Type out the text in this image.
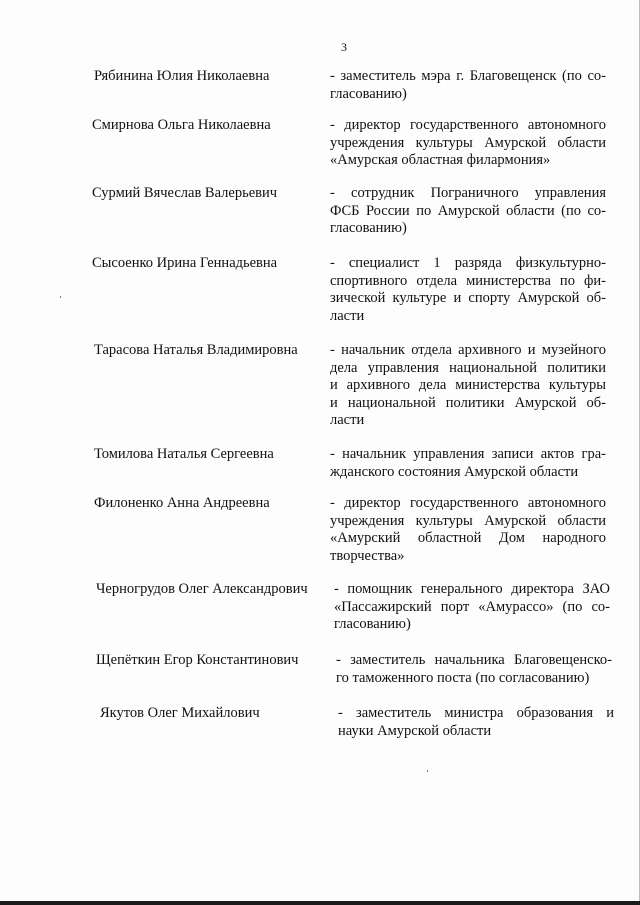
3
Рябинина Юлия Николаевна	- заместитель мэра г. Благовещенск (по со-
гласованию)
Смирнова Ольга Николаевна	- директор государственного автономного
учреждения культуры Амурской области
«Амурская областная филармония»
Сурмий Вячеслав Валерьевич	- сотрудник Пограничного управления
ФСБ России по Амурской области (по со-
гласованию)
Сысоенко Ирина Геннадьевна	- специалист 1 разряда физкультурно-
спортивного отдела министерства по фи-
зической культуре и спорту Амурской об-
ласти
Тарасова Наталья Владимировна - начальник отдела архивного и музейного
дела управления национальной политики
и архивного дела министерства культуры
и национальной политики Амурской об-
ласти
Томилова Наталья Сергеевна	- начальник управления записи актов гра-
жданского состояния Амурской области
Филоненко Анна Андреевна	- директор государственного автономного
учреждения культуры Амурской области
«Амурский областной Дом народного
творчества»
Черногрудов Олег Александрович - помощник генерального директора ЗАО
«Пассажирский порт «Амурассо» (по со-
гласованию)
Щепёткин Егор Константинович	- заместитель начальника Благовещенско-
го таможенного поста (по согласованию)
Якутов Олег Михайлович	- заместитель министра образования и
науки Амурской области
